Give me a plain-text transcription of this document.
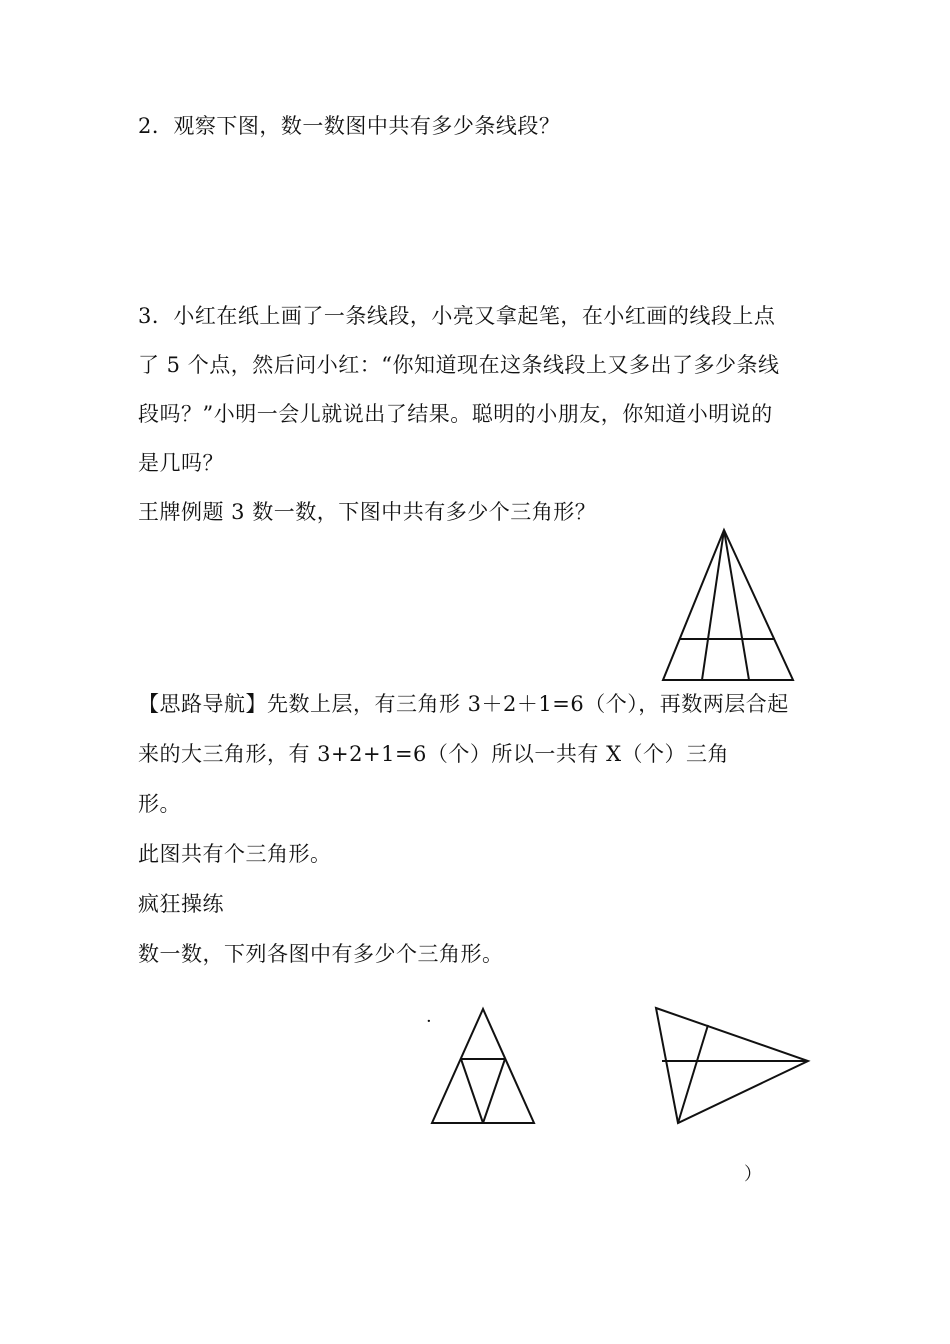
2．观察下图，数一数图中共有多少条线段？
3．小红在纸上画了一条线段，小亮又拿起笔，在小红画的线段上点
了 5 个点，然后问小红：“你知道现在这条线段上又多出了多少条线
段吗？”小明一会儿就说出了结果。聪明的小朋友，你知道小明说的
是几吗？
王牌例题 3 数一数，下图中共有多少个三角形？
【思路导航】先数上层，有三角形 3＋2＋1=6（个），再数两层合起
来的大三角形，有 3+2+1=6（个）所以一共有 X（个）三角
形。
此图共有个三角形。
疯狂操练
数一数，下列各图中有多少个三角形。
·
）
